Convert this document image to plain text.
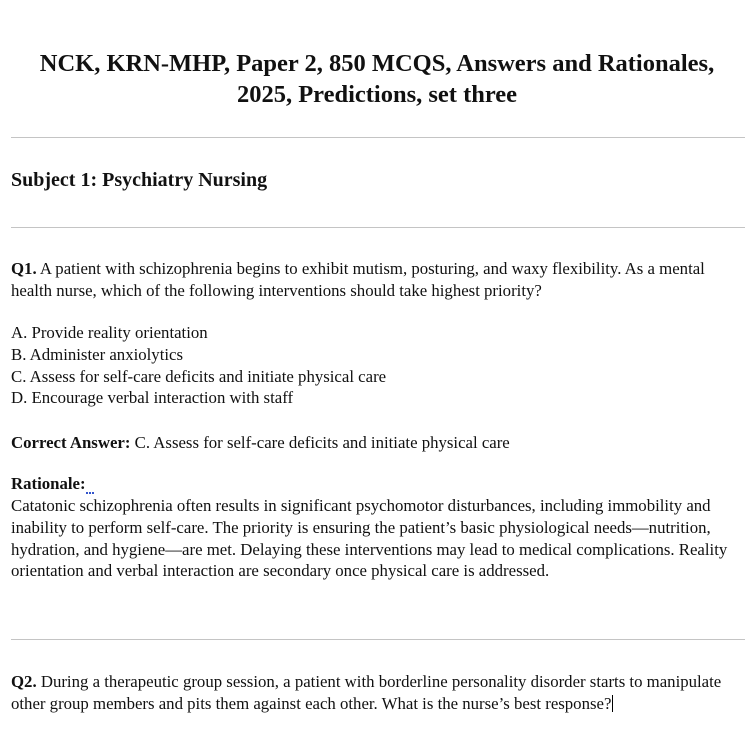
NCK, KRN-MHP, Paper 2, 850 MCQS, Answers and Rationales,
2025, Predictions, set three
Subject 1: Psychiatry Nursing

Q1. A patient with schizophrenia begins to exhibit mutism, posturing, and waxy flexibility. As a mental health nurse, which of the following interventions should take highest priority?

A. Provide reality orientation
B. Administer anxiolytics
C. Assess for self-care deficits and initiate physical care
D. Encourage verbal interaction with staff

Correct Answer: C. Assess for self-care deficits and initiate physical care

Rationale:

Catatonic schizophrenia often results in significant psychomotor disturbances, including immobility and inability to perform self-care. The priority is ensuring the patient’s basic physiological needs—nutrition, hydration, and hygiene—are met. Delaying these interventions may lead to medical complications. Reality orientation and verbal interaction are secondary once physical care is addressed.

Q2. During a therapeutic group session, a patient with borderline personality disorder starts to manipulate other group members and pits them against each other. What is the nurse’s best response?
